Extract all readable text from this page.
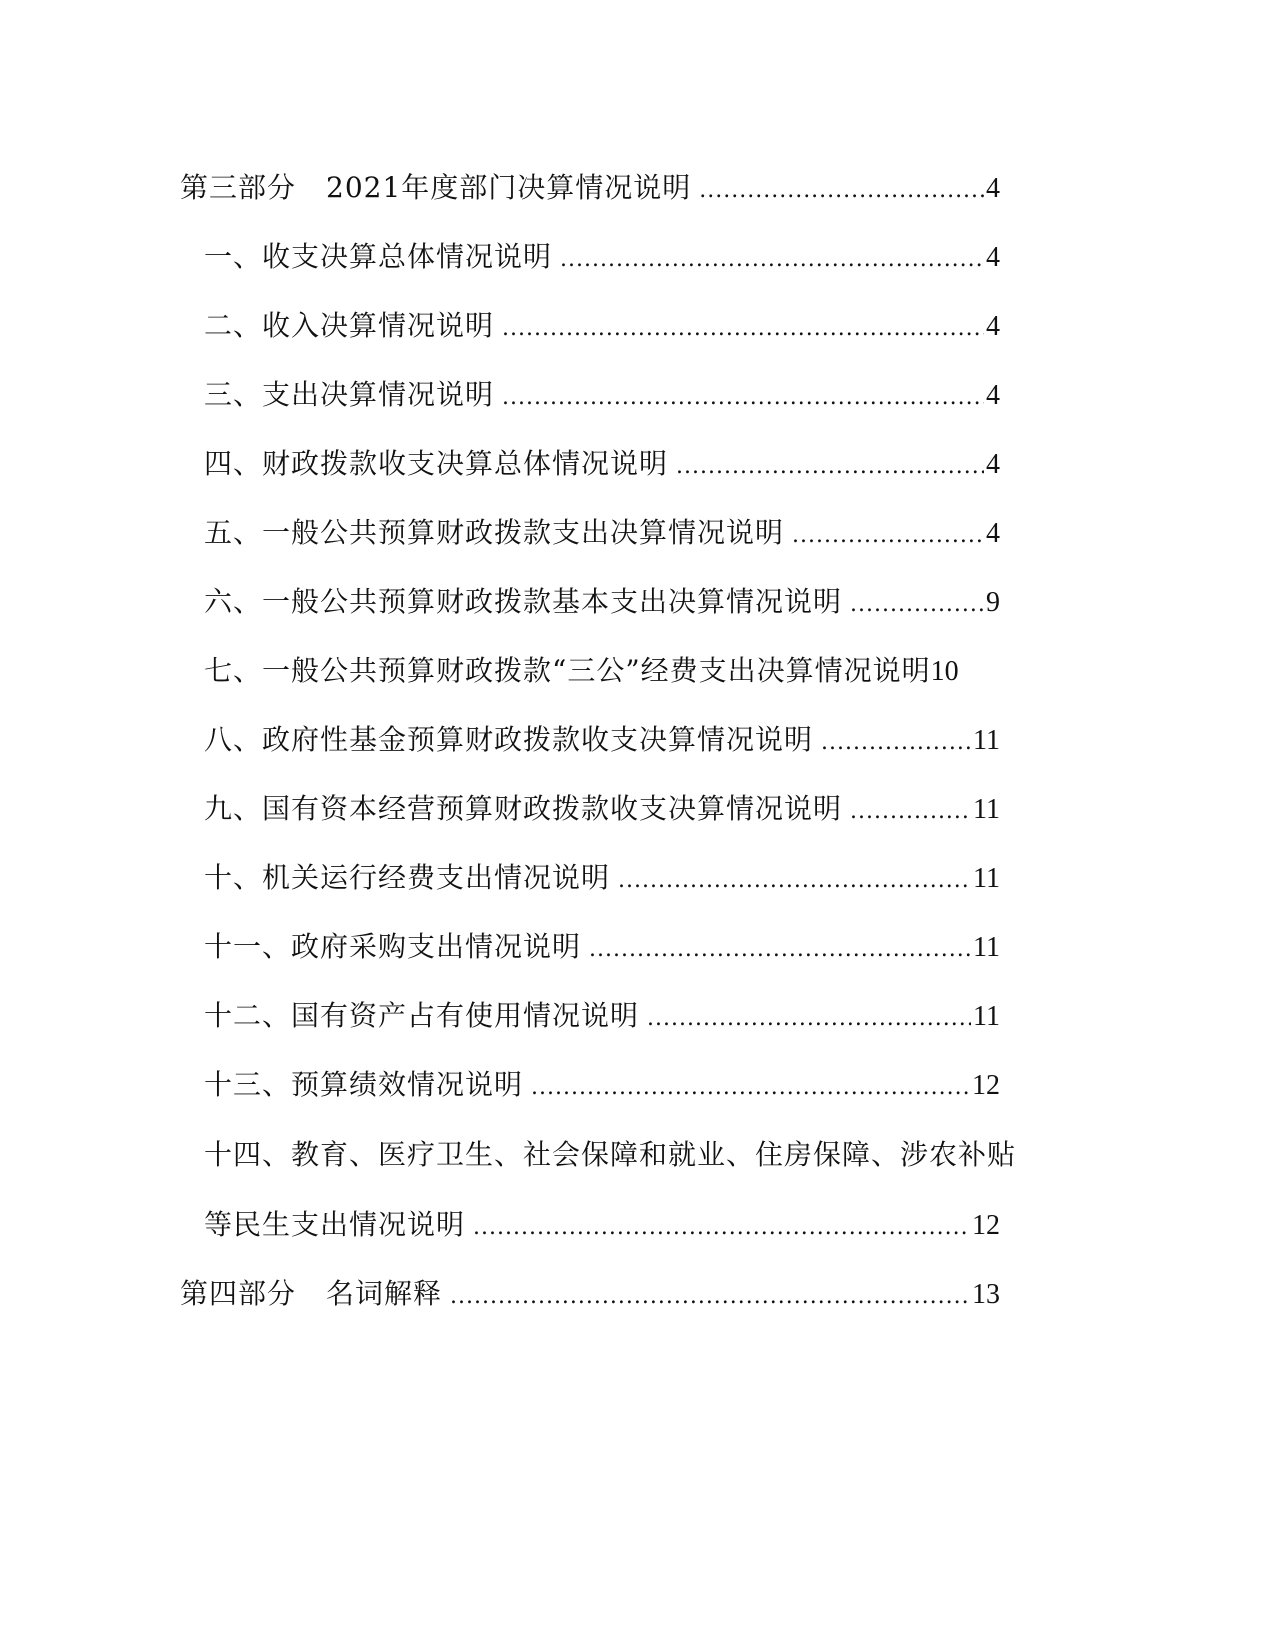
第三部分 2021年度部门决算情况说明 .....	4
一、收支决算总体情况说明 .....	4
二、收入决算情况说明 .....	4
三、支出决算情况说明 .....	4
四、财政拨款收支决算总体情况说明 .....	4
五、一般公共预算财政拨款支出决算情况说明 .....	4
六、一般公共预算财政拨款基本支出决算情况说明 .....	9
七、一般公共预算财政拨款“三公”经费支出决算情况说明 10
八、政府性基金预算财政拨款收支决算情况说明 .....	11
九、国有资本经营预算财政拨款收支决算情况说明 .....	11
十、机关运行经费支出情况说明 .....	11
十一、政府采购支出情况说明 .....	11
十二、国有资产占有使用情况说明 .....	11
十三、预算绩效情况说明 .....	12
十四、教育、医疗卫生、社会保障和就业、住房保障、涉农补贴
等民生支出情况说明 .....	12
第四部分 名词解释 .....	13
